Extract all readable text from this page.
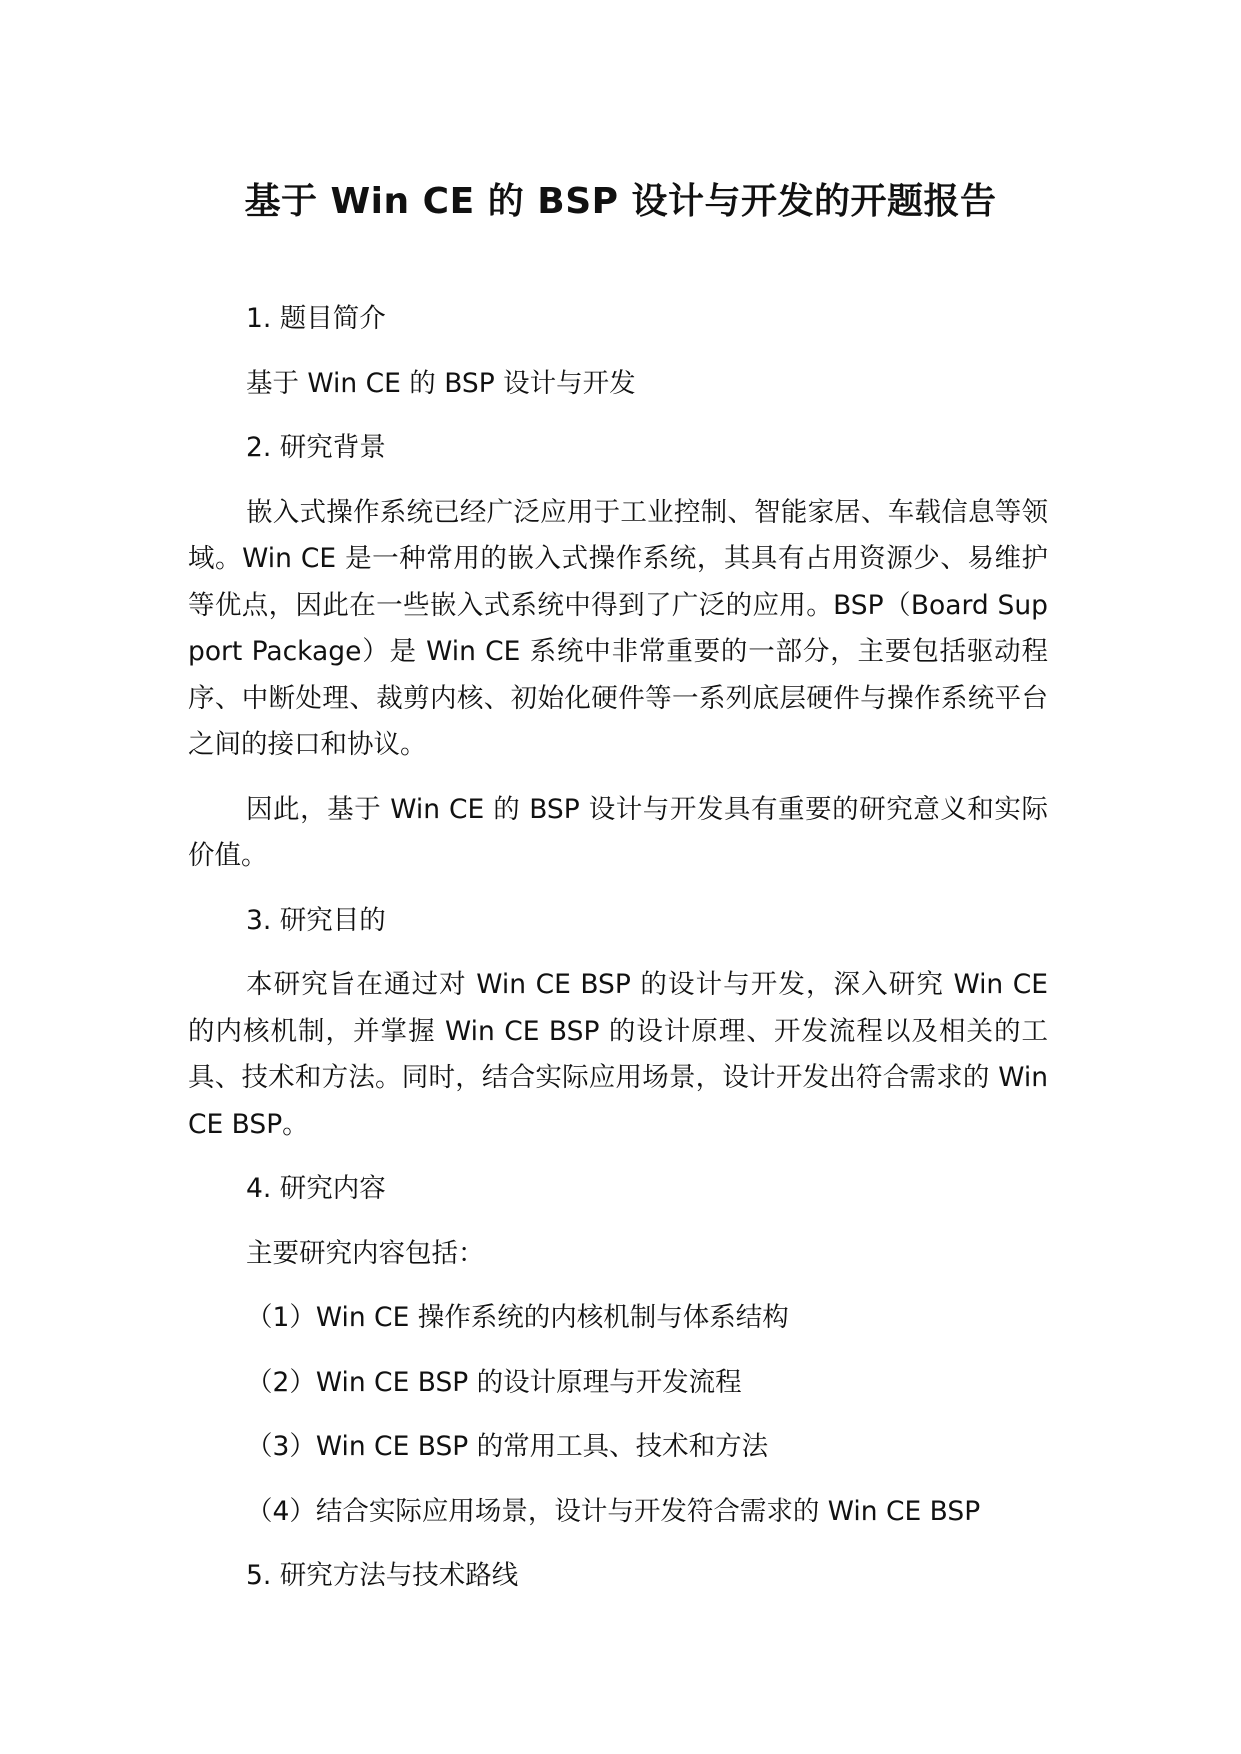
基于 Win CE 的 BSP 设计与开发的开题报告

1. 题目简介

基于 Win CE 的 BSP 设计与开发

2. 研究背景

嵌入式操作系统已经广泛应用于工业控制、智能家居、车载信息等领域。Win CE 是一种常用的嵌入式操作系统，其具有占用资源少、易维护等优点，因此在一些嵌入式系统中得到了广泛的应用。BSP（Board Support Package）是 Win CE 系统中非常重要的一部分，主要包括驱动程序、中断处理、裁剪内核、初始化硬件等一系列底层硬件与操作系统平台之间的接口和协议。

因此，基于 Win CE 的 BSP 设计与开发具有重要的研究意义和实际价值。

3. 研究目的

本研究旨在通过对 Win CE BSP 的设计与开发，深入研究 Win CE 的内核机制，并掌握 Win CE BSP 的设计原理、开发流程以及相关的工具、技术和方法。同时，结合实际应用场景，设计开发出符合需求的 Win CE BSP。

4. 研究内容

主要研究内容包括：

（1）Win CE 操作系统的内核机制与体系结构

（2）Win CE BSP 的设计原理与开发流程

（3）Win CE BSP 的常用工具、技术和方法

（4）结合实际应用场景，设计与开发符合需求的 Win CE BSP

5. 研究方法与技术路线
